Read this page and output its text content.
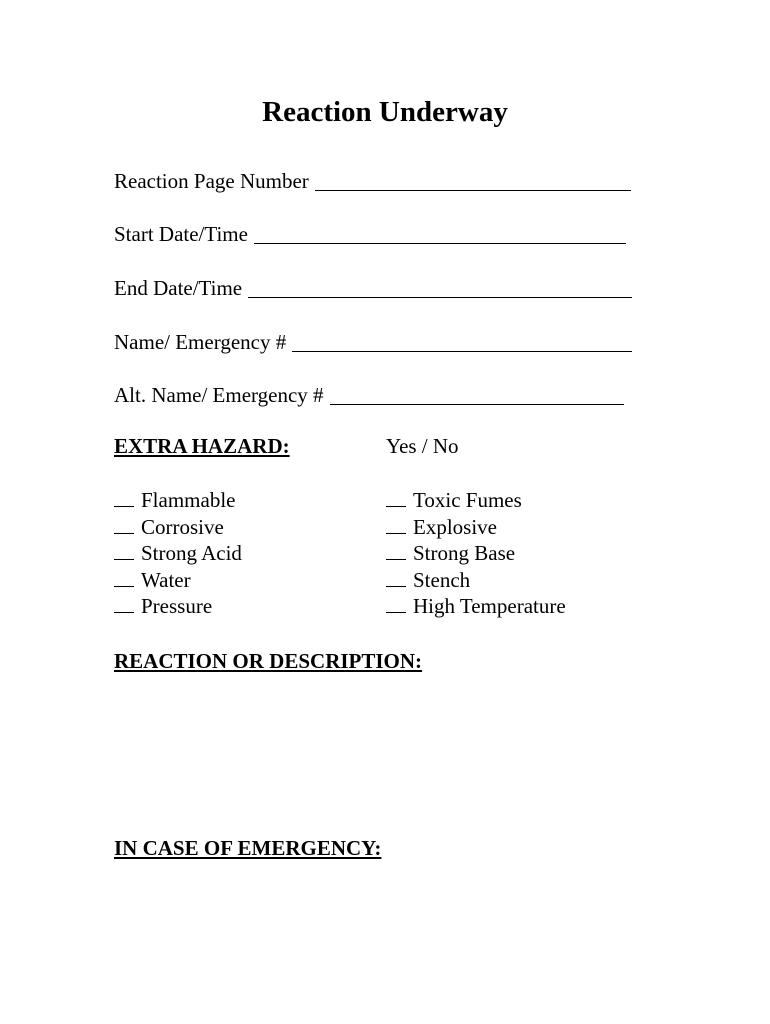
Reaction Underway
Reaction Page Number
Start Date/Time
End Date/Time
Name/ Emergency #
Alt. Name/ Emergency #
EXTRA HAZARD:	Yes / No
Flammable
Corrosive
Strong Acid
Water
Pressure
Toxic Fumes
Explosive
Strong Base
Stench
High Temperature
REACTION OR DESCRIPTION:
IN CASE OF EMERGENCY:
